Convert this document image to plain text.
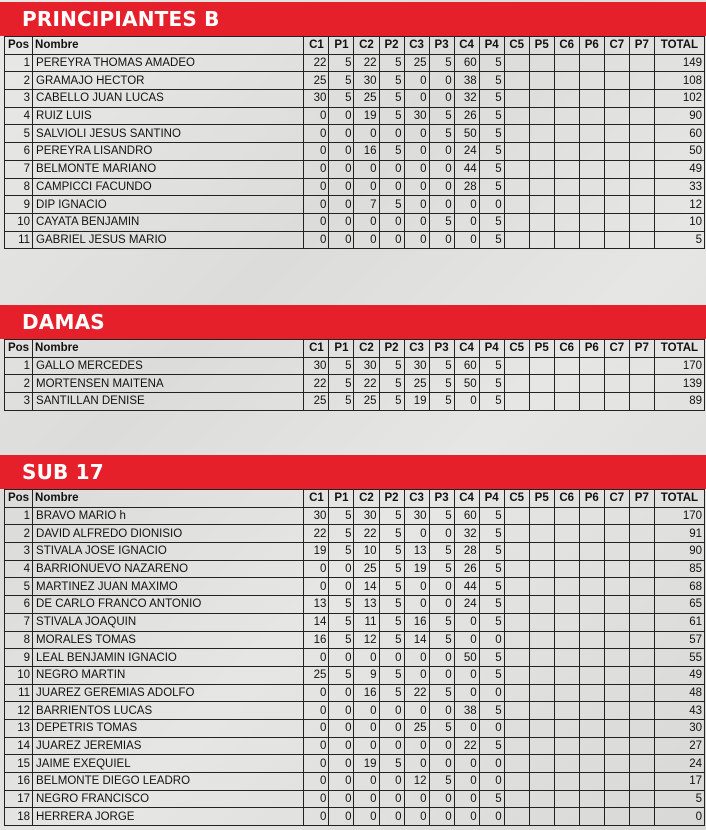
PRINCIPIANTES B
Pos	Nombre	C1	P1	C2	P2	C3	P3	C4	P4	C5	P5	C6	P6	C7	P7	TOTAL
1	PEREYRA THOMAS AMADEO	22	5	22	5	25	5	60	5							149
2	GRAMAJO HECTOR	25	5	30	5	0	0	38	5							108
3	CABELLO JUAN LUCAS	30	5	25	5	0	0	32	5							102
4	RUIZ LUIS	0	0	19	5	30	5	26	5							90
5	SALVIOLI JESUS SANTINO	0	0	0	0	0	5	50	5							60
6	PEREYRA LISANDRO	0	0	16	5	0	0	24	5							50
7	BELMONTE MARIANO	0	0	0	0	0	0	44	5							49
8	CAMPICCI FACUNDO	0	0	0	0	0	0	28	5							33
9	DIP IGNACIO	0	0	7	5	0	0	0	0							12
10	CAYATA BENJAMIN	0	0	0	0	0	5	0	5							10
11	GABRIEL JESUS MARIO	0	0	0	0	0	0	0	5							5
DAMAS
Pos	Nombre	C1	P1	C2	P2	C3	P3	C4	P4	C5	P5	C6	P6	C7	P7	TOTAL
1	GALLO MERCEDES	30	5	30	5	30	5	60	5							170
2	MORTENSEN MAITENA	22	5	22	5	25	5	50	5							139
3	SANTILLAN DENISE	25	5	25	5	19	5	0	5							89
SUB 17
Pos	Nombre	C1	P1	C2	P2	C3	P3	C4	P4	C5	P5	C6	P6	C7	P7	TOTAL
1	BRAVO MARIO h	30	5	30	5	30	5	60	5							170
2	DAVID ALFREDO DIONISIO	22	5	22	5	0	0	32	5							91
3	STIVALA JOSE IGNACIO	19	5	10	5	13	5	28	5							90
4	BARRIONUEVO NAZARENO	0	0	25	5	19	5	26	5							85
5	MARTINEZ JUAN MAXIMO	0	0	14	5	0	0	44	5							68
6	DE CARLO FRANCO ANTONIO	13	5	13	5	0	0	24	5							65
7	STIVALA JOAQUIN	14	5	11	5	16	5	0	5							61
8	MORALES TOMAS	16	5	12	5	14	5	0	0							57
9	LEAL BENJAMIN IGNACIO	0	0	0	0	0	0	50	5							55
10	NEGRO MARTIN	25	5	9	5	0	0	0	5							49
11	JUAREZ GEREMIAS ADOLFO	0	0	16	5	22	5	0	0							48
12	BARRIENTOS LUCAS	0	0	0	0	0	0	38	5							43
13	DEPETRIS TOMAS	0	0	0	0	25	5	0	0							30
14	JUAREZ JEREMIAS	0	0	0	0	0	0	22	5							27
15	JAIME EXEQUIEL	0	0	19	5	0	0	0	0							24
16	BELMONTE DIEGO LEADRO	0	0	0	0	12	5	0	0							17
17	NEGRO FRANCISCO	0	0	0	0	0	0	0	5							5
18	HERRERA JORGE	0	0	0	0	0	0	0	0							0
